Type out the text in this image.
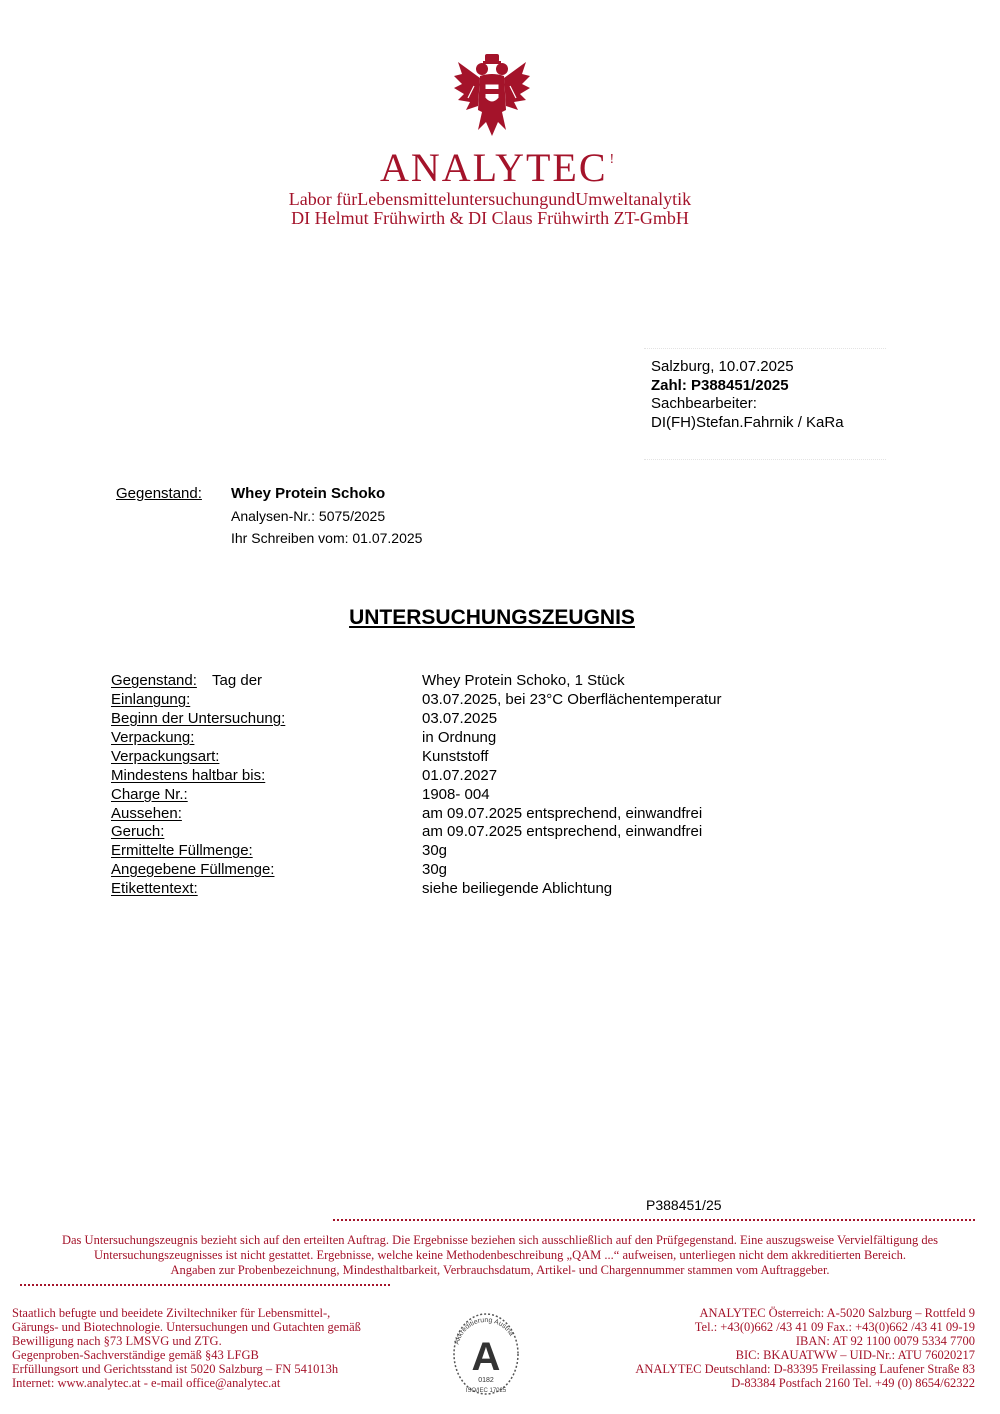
ANALYTEC !
Labor fürLebensmitteluntersuchungundUmweltanalytik
DI Helmut Frühwirth & DI Claus Frühwirth ZT-GmbH
Salzburg, 10.07.2025
Zahl: P388451/2025
Sachbearbeiter:
DI(FH)Stefan.Fahrnik / KaRa
Gegenstand: Whey Protein Schoko
Analysen-Nr.: 5075/2025
Ihr Schreiben vom: 01.07.2025
UNTERSUCHUNGSZEUGNIS
Gegenstand: Tag der	Whey Protein Schoko, 1 Stück
Einlangung:	03.07.2025, bei 23°C Oberflächentemperatur
Beginn der Untersuchung:	03.07.2025
Verpackung:	in Ordnung
Verpackungsart:	Kunststoff
Mindestens haltbar bis:	01.07.2027
Charge Nr.:	1908- 004
Aussehen:	am 09.07.2025 entsprechend, einwandfrei
Geruch:	am 09.07.2025 entsprechend, einwandfrei
Ermittelte Füllmenge:	30g
Angegebene Füllmenge:	30g
Etikettentext:	siehe beiliegende Ablichtung
P388451/25
Das Untersuchungszeugnis bezieht sich auf den erteilten Auftrag. Die Ergebnisse beziehen sich ausschließlich auf den Prüfgegenstand. Eine auszugsweise Vervielfältigung des
Untersuchungszeugnisses ist nicht gestattet. Ergebnisse, welche keine Methodenbeschreibung „QAM ...“ aufweisen, unterliegen nicht dem akkreditierten Bereich.
Angaben zur Probenbezeichnung, Mindesthaltbarkeit, Verbrauchsdatum, Artikel- und Chargennummer stammen vom Auftraggeber.
Staatlich befugte und beeidete Ziviltechniker für Lebensmittel-,
Gärungs- und Biotechnologie. Untersuchungen und Gutachten gemäß
Bewilligung nach §73 LMSVG und ZTG.
Gegenproben-Sachverständige gemäß §43 LFGB
Erfüllungsort und Gerichtsstand ist 5020 Salzburg – FN 541013h
Internet: www.analytec.at - e-mail office@analytec.at
Akkreditierung Austria
A
0182
ISO/IEC 17025
ANALYTEC Österreich: A-5020 Salzburg – Rottfeld 9
Tel.: +43(0)662 /43 41 09 Fax.: +43(0)662 /43 41 09-19
IBAN: AT 92 1100 0079 5334 7700
BIC: BKAUATWW – UID-Nr.: ATU 76020217
ANALYTEC Deutschland: D-83395 Freilassing Laufener Straße 83
D-83384 Postfach 2160 Tel. +49 (0) 8654/62322
